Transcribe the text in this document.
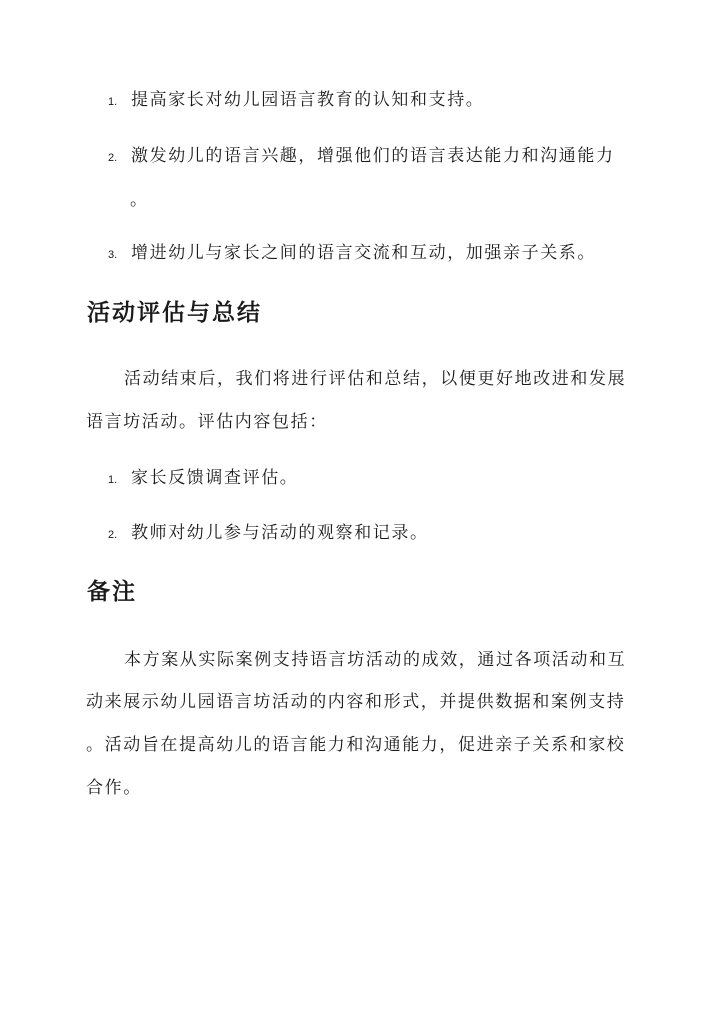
1. 提高家长对幼儿园语言教育的认知和支持。
2. 激发幼儿的语言兴趣，增强他们的语言表达能力和沟通能力
。
3. 增进幼儿与家长之间的语言交流和互动，加强亲子关系。
活动评估与总结
活动结束后，我们将进行评估和总结，以便更好地改进和发展
语言坊活动。评估内容包括：
1. 家长反馈调查评估。
2. 教师对幼儿参与活动的观察和记录。
备注
本方案从实际案例支持语言坊活动的成效，通过各项活动和互
动来展示幼儿园语言坊活动的内容和形式，并提供数据和案例支持
。活动旨在提高幼儿的语言能力和沟通能力，促进亲子关系和家校
合作。
